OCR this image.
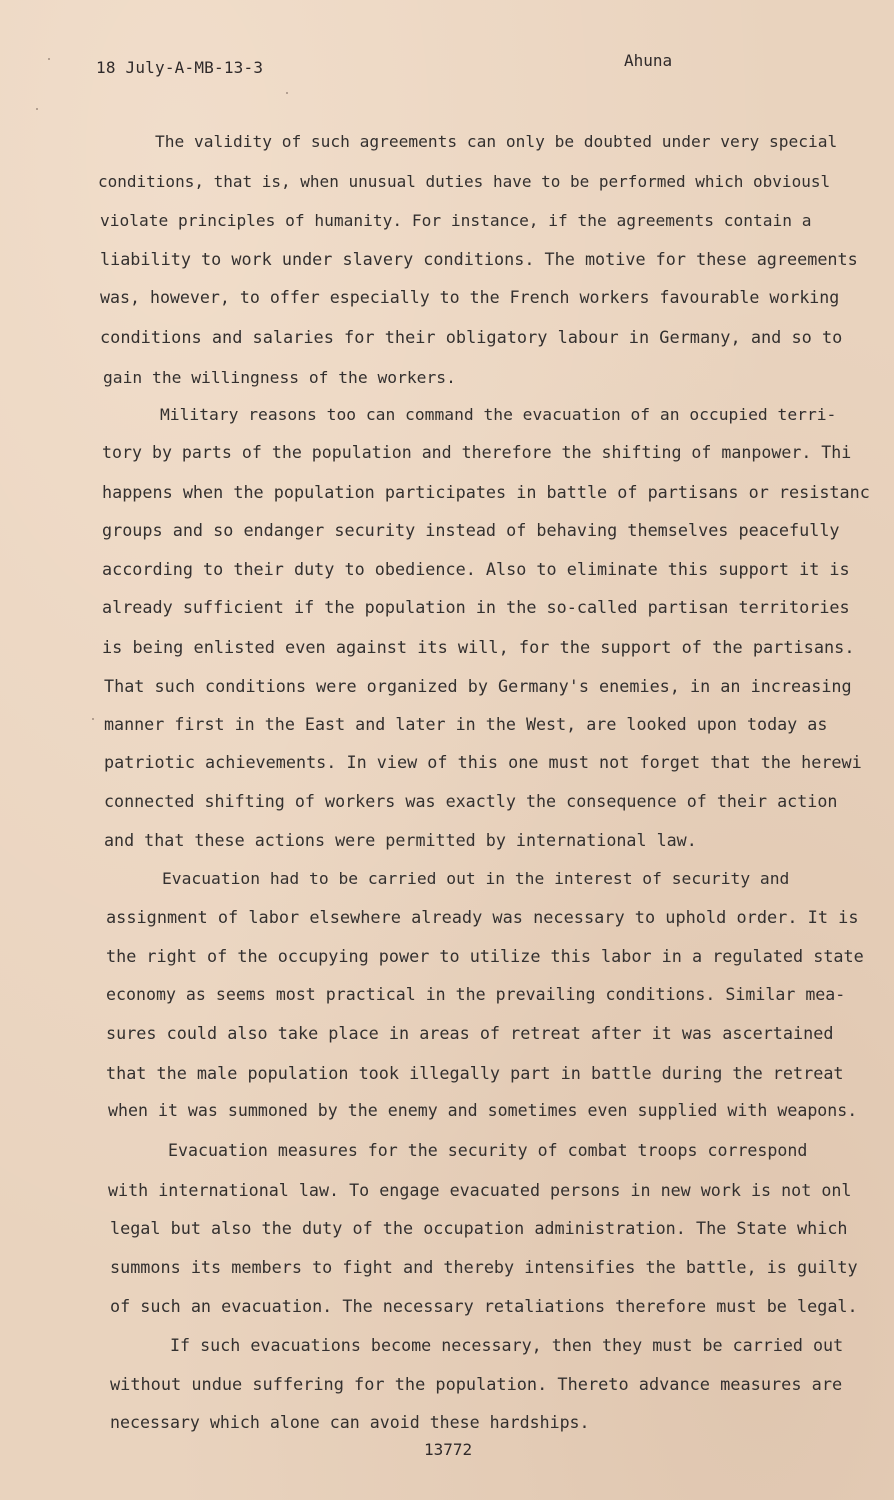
18 July-A-MB-13-3	Ahuna
The validity of such agreements can only be doubted under very special
conditions, that is, when unusual duties have to be performed which obviousl
violate principles of humanity. For instance, if the agreements contain a
liability to work under slavery conditions. The motive for these agreements
was, however, to offer especially to the French workers favourable working
conditions and salaries for their obligatory labour in Germany, and so to
gain the willingness of the workers.
Military reasons too can command the evacuation of an occupied terri-
tory by parts of the population and therefore the shifting of manpower. Thi
happens when the population participates in battle of partisans or resistanc
groups and so endanger security instead of behaving themselves peacefully
according to their duty to obedience. Also to eliminate this support it is
already sufficient if the population in the so-called partisan territories
is being enlisted even against its will, for the support of the partisans.
That such conditions were organized by Germany's enemies, in an increasing
manner first in the East and later in the West, are looked upon today as
patriotic achievements. In view of this one must not forget that the herewi
connected shifting of workers was exactly the consequence of their action
and that these actions were permitted by international law.
Evacuation had to be carried out in the interest of security and
assignment of labor elsewhere already was necessary to uphold order. It is
the right of the occupying power to utilize this labor in a regulated state
economy as seems most practical in the prevailing conditions. Similar mea-
sures could also take place in areas of retreat after it was ascertained
that the male population took illegally part in battle during the retreat
when it was summoned by the enemy and sometimes even supplied with weapons.
Evacuation measures for the security of combat troops correspond
with international law. To engage evacuated persons in new work is not onl
legal but also the duty of the occupation administration. The State which
summons its members to fight and thereby intensifies the battle, is guilty
of such an evacuation. The necessary retaliations therefore must be legal.
If such evacuations become necessary, then they must be carried out
without undue suffering for the population. Thereto advance measures are
necessary which alone can avoid these hardships.
13772
